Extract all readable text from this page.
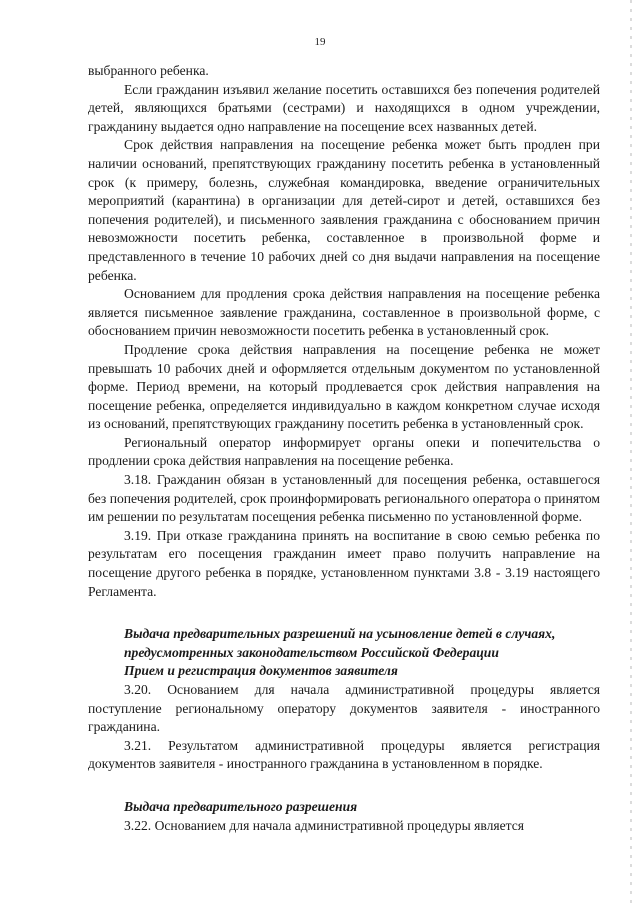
19

выбранного ребенка.

Если гражданин изъявил желание посетить оставшихся без попечения родителей детей, являющихся братьями (сестрами) и находящихся в одном учреждении, гражданину выдается одно направление на посещение всех названных детей.

Срок действия направления на посещение ребенка может быть продлен при наличии оснований, препятствующих гражданину посетить ребенка в установленный срок (к примеру, болезнь, служебная командировка, введение ограничительных мероприятий (карантина) в организации для детей-сирот и детей, оставшихся без попечения родителей), и письменного заявления гражданина с обоснованием причин невозможности посетить ребенка, составленное в произвольной форме и представленного в течение 10 рабочих дней со дня выдачи направления на посещение ребенка.

Основанием для продления срока действия направления на посещение ребенка является письменное заявление гражданина, составленное в произвольной форме, с обоснованием причин невозможности посетить ребенка в установленный срок.

Продление срока действия направления на посещение ребенка не может превышать 10 рабочих дней и оформляется отдельным документом по установленной форме. Период времени, на который продлевается срок действия направления на посещение ребенка, определяется индивидуально в каждом конкретном случае исходя из оснований, препятствующих гражданину посетить ребенка в установленный срок.

Региональный оператор информирует органы опеки и попечительства о продлении срока действия направления на посещение ребенка.

3.18. Гражданин обязан в установленный для посещения ребенка, оставшегося без попечения родителей, срок проинформировать регионального оператора о принятом им решении по результатам посещения ребенка письменно по установленной форме.

3.19. При отказе гражданина принять на воспитание в свою семью ребенка по результатам его посещения гражданин имеет право получить направление на посещение другого ребенка в порядке, установленном пунктами 3.8 - 3.19 настоящего Регламента.

Выдача предварительных разрешений на усыновление детей в случаях,

предусмотренных законодательством Российской Федерации

Прием и регистрация документов заявителя

3.20. Основанием для начала административной процедуры является поступление региональному оператору документов заявителя - иностранного гражданина.

3.21. Результатом административной процедуры является регистрация документов заявителя - иностранного гражданина в установленном в порядке.

Выдача предварительного разрешения

3.22. Основанием для начала административной процедуры является
